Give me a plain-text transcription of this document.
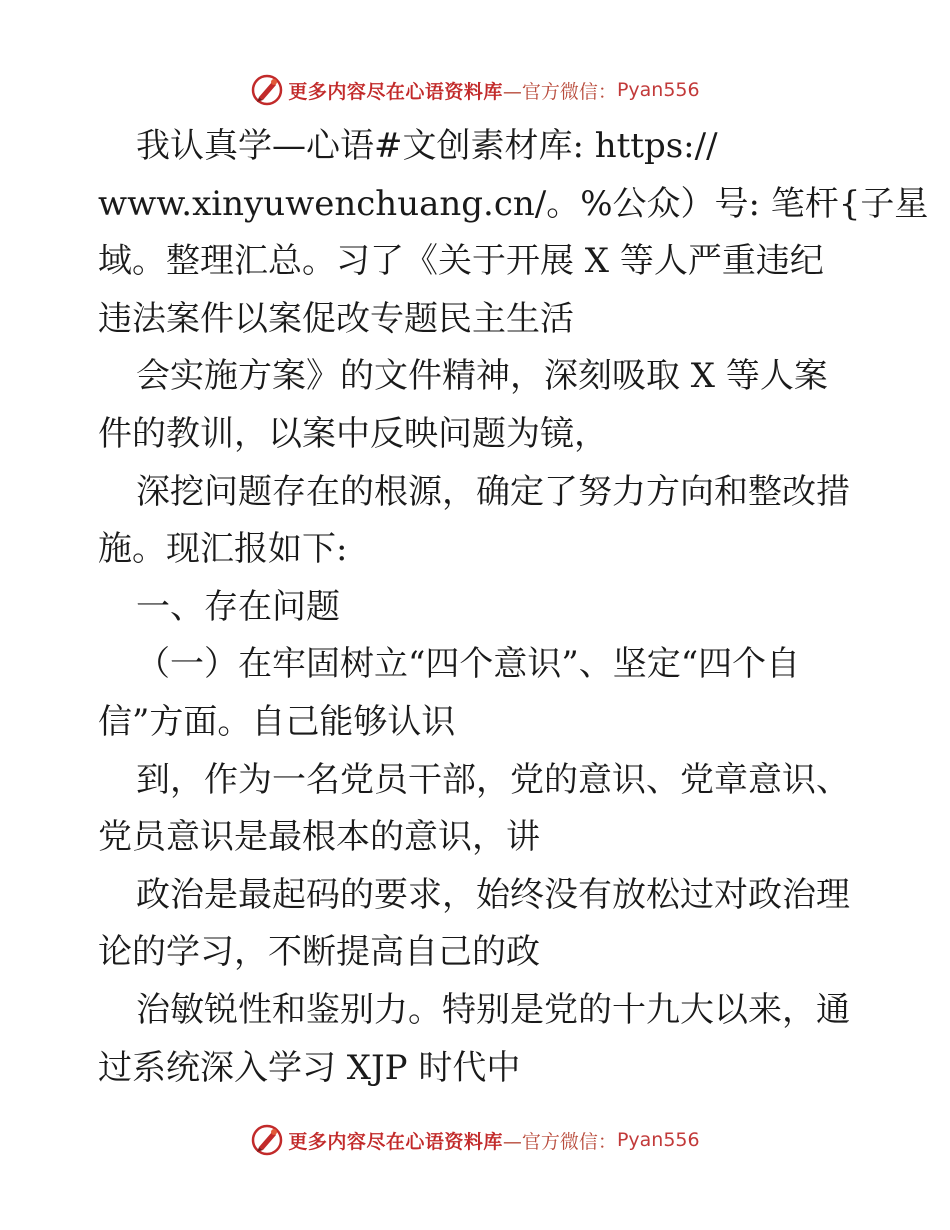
更多内容尽在心语资料库 —官方微信： Pyan556
我认真学—心语#文创素材库: https://
www.xinyuwenchuang.cn/。%公众）号: 笔杆{子星
域。整理汇总。习了《关于开展 X 等人严重违纪
违法案件以案促改专题民主生活
会实施方案》的文件精神，深刻吸取 X 等人案
件的教训，以案中反映问题为镜，
深挖问题存在的根源，确定了努力方向和整改措
施。现汇报如下:
一、存在问题
（一）在牢固树立“四个意识”、坚定“四个自
信”方面。自己能够认识
到，作为一名党员干部，党的意识、党章意识、
党员意识是最根本的意识，讲
政治是最起码的要求，始终没有放松过对政治理
论的学习，不断提高自己的政
治敏锐性和鉴别力。特别是党的十九大以来，通
过系统深入学习 XJP 时代中
更多内容尽在心语资料库 —官方微信： Pyan556
